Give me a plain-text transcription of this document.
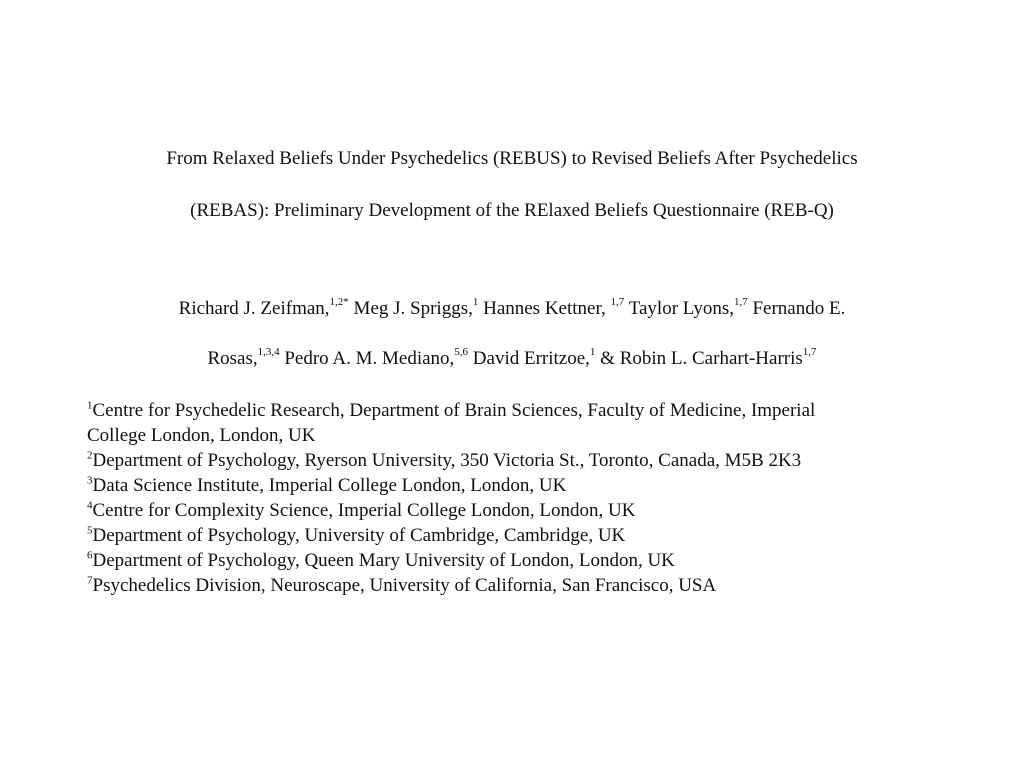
From Relaxed Beliefs Under Psychedelics (REBUS) to Revised Beliefs After Psychedelics
(REBAS): Preliminary Development of the RElaxed Beliefs Questionnaire (REB-Q)
Richard J. Zeifman,$^{1,2*}$ Meg J. Spriggs,$^1$ Hannes Kettner, $^{1,7}$ Taylor Lyons,$^{1,7}$ Fernando E.
Rosas,$^{1,3,4}$ Pedro A. M. Mediano,$^{5,6}$ David Erritzoe,$^1$ & Robin L. Carhart-Harris$^{1,7}$
$^1$Centre for Psychedelic Research, Department of Brain Sciences, Faculty of Medicine, Imperial
College London, London, UK
$^2$Department of Psychology, Ryerson University, 350 Victoria St., Toronto, Canada, M5B 2K3
$^3$Data Science Institute, Imperial College London, London, UK
$^4$Centre for Complexity Science, Imperial College London, London, UK
$^5$Department of Psychology, University of Cambridge, Cambridge, UK
$^6$Department of Psychology, Queen Mary University of London, London, UK
$^7$Psychedelics Division, Neuroscape, University of California, San Francisco, USA
